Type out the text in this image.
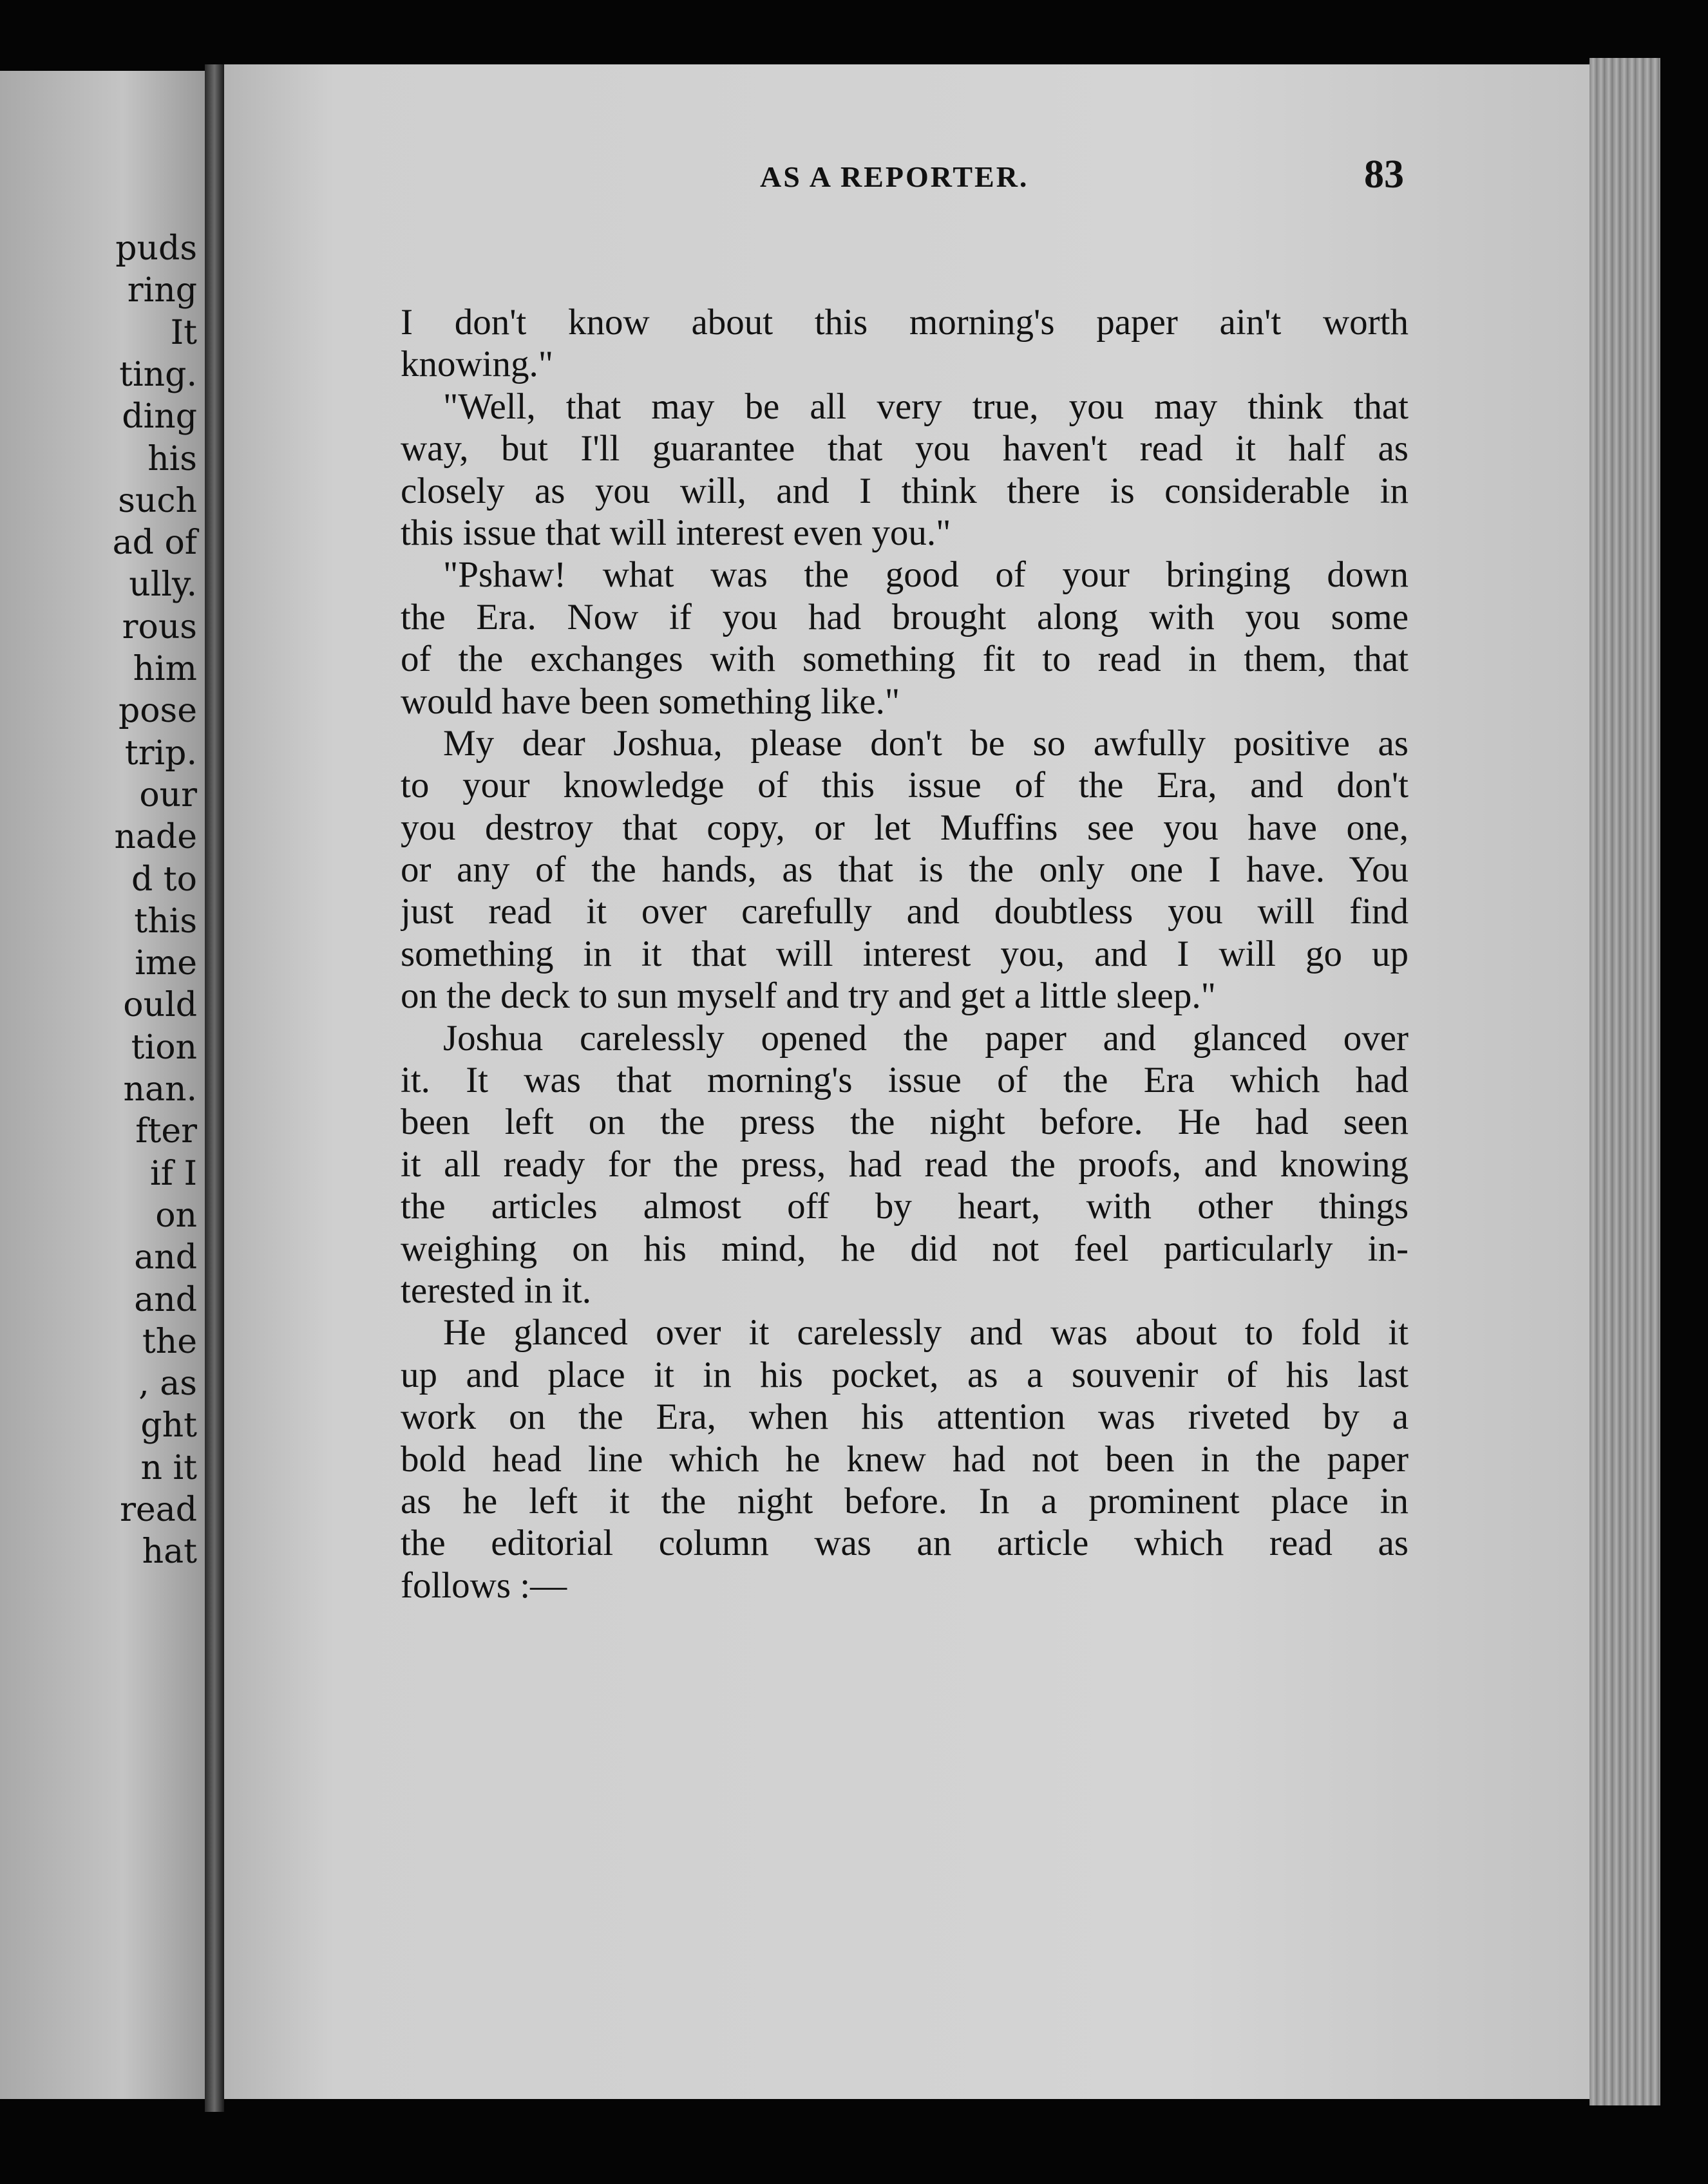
puds
ring
It
ting.
ding
his
such
ad of
ully.
rous
him
pose
trip.
our
nade
d to
this
ime
ould
tion
nan.
fter
if I
on
and
and
the
, as
ght
n it
read
hat
AS A REPORTER.	83
I don't know about this morning's paper ain't worth
knowing."
"Well, that may be all very true, you may think that
way, but I'll guarantee that you haven't read it half as
closely as you will, and I think there is considerable in
this issue that will interest even you."
"Pshaw! what was the good of your bringing down
the Era. Now if you had brought along with you some
of the exchanges with something fit to read in them, that
would have been something like."
My dear Joshua, please don't be so awfully positive as
to your knowledge of this issue of the Era, and don't
you destroy that copy, or let Muffins see you have one,
or any of the hands, as that is the only one I have. You
just read it over carefully and doubtless you will find
something in it that will interest you, and I will go up
on the deck to sun myself and try and get a little sleep."
Joshua carelessly opened the paper and glanced over
it. It was that morning's issue of the Era which had
been left on the press the night before. He had seen
it all ready for the press, had read the proofs, and knowing
the articles almost off by heart, with other things
weighing on his mind, he did not feel particularly in-
terested in it.
He glanced over it carelessly and was about to fold it
up and place it in his pocket, as a souvenir of his last
work on the Era, when his attention was riveted by a
bold head line which he knew had not been in the paper
as he left it the night before. In a prominent place in
the editorial column was an article which read as
follows :—
